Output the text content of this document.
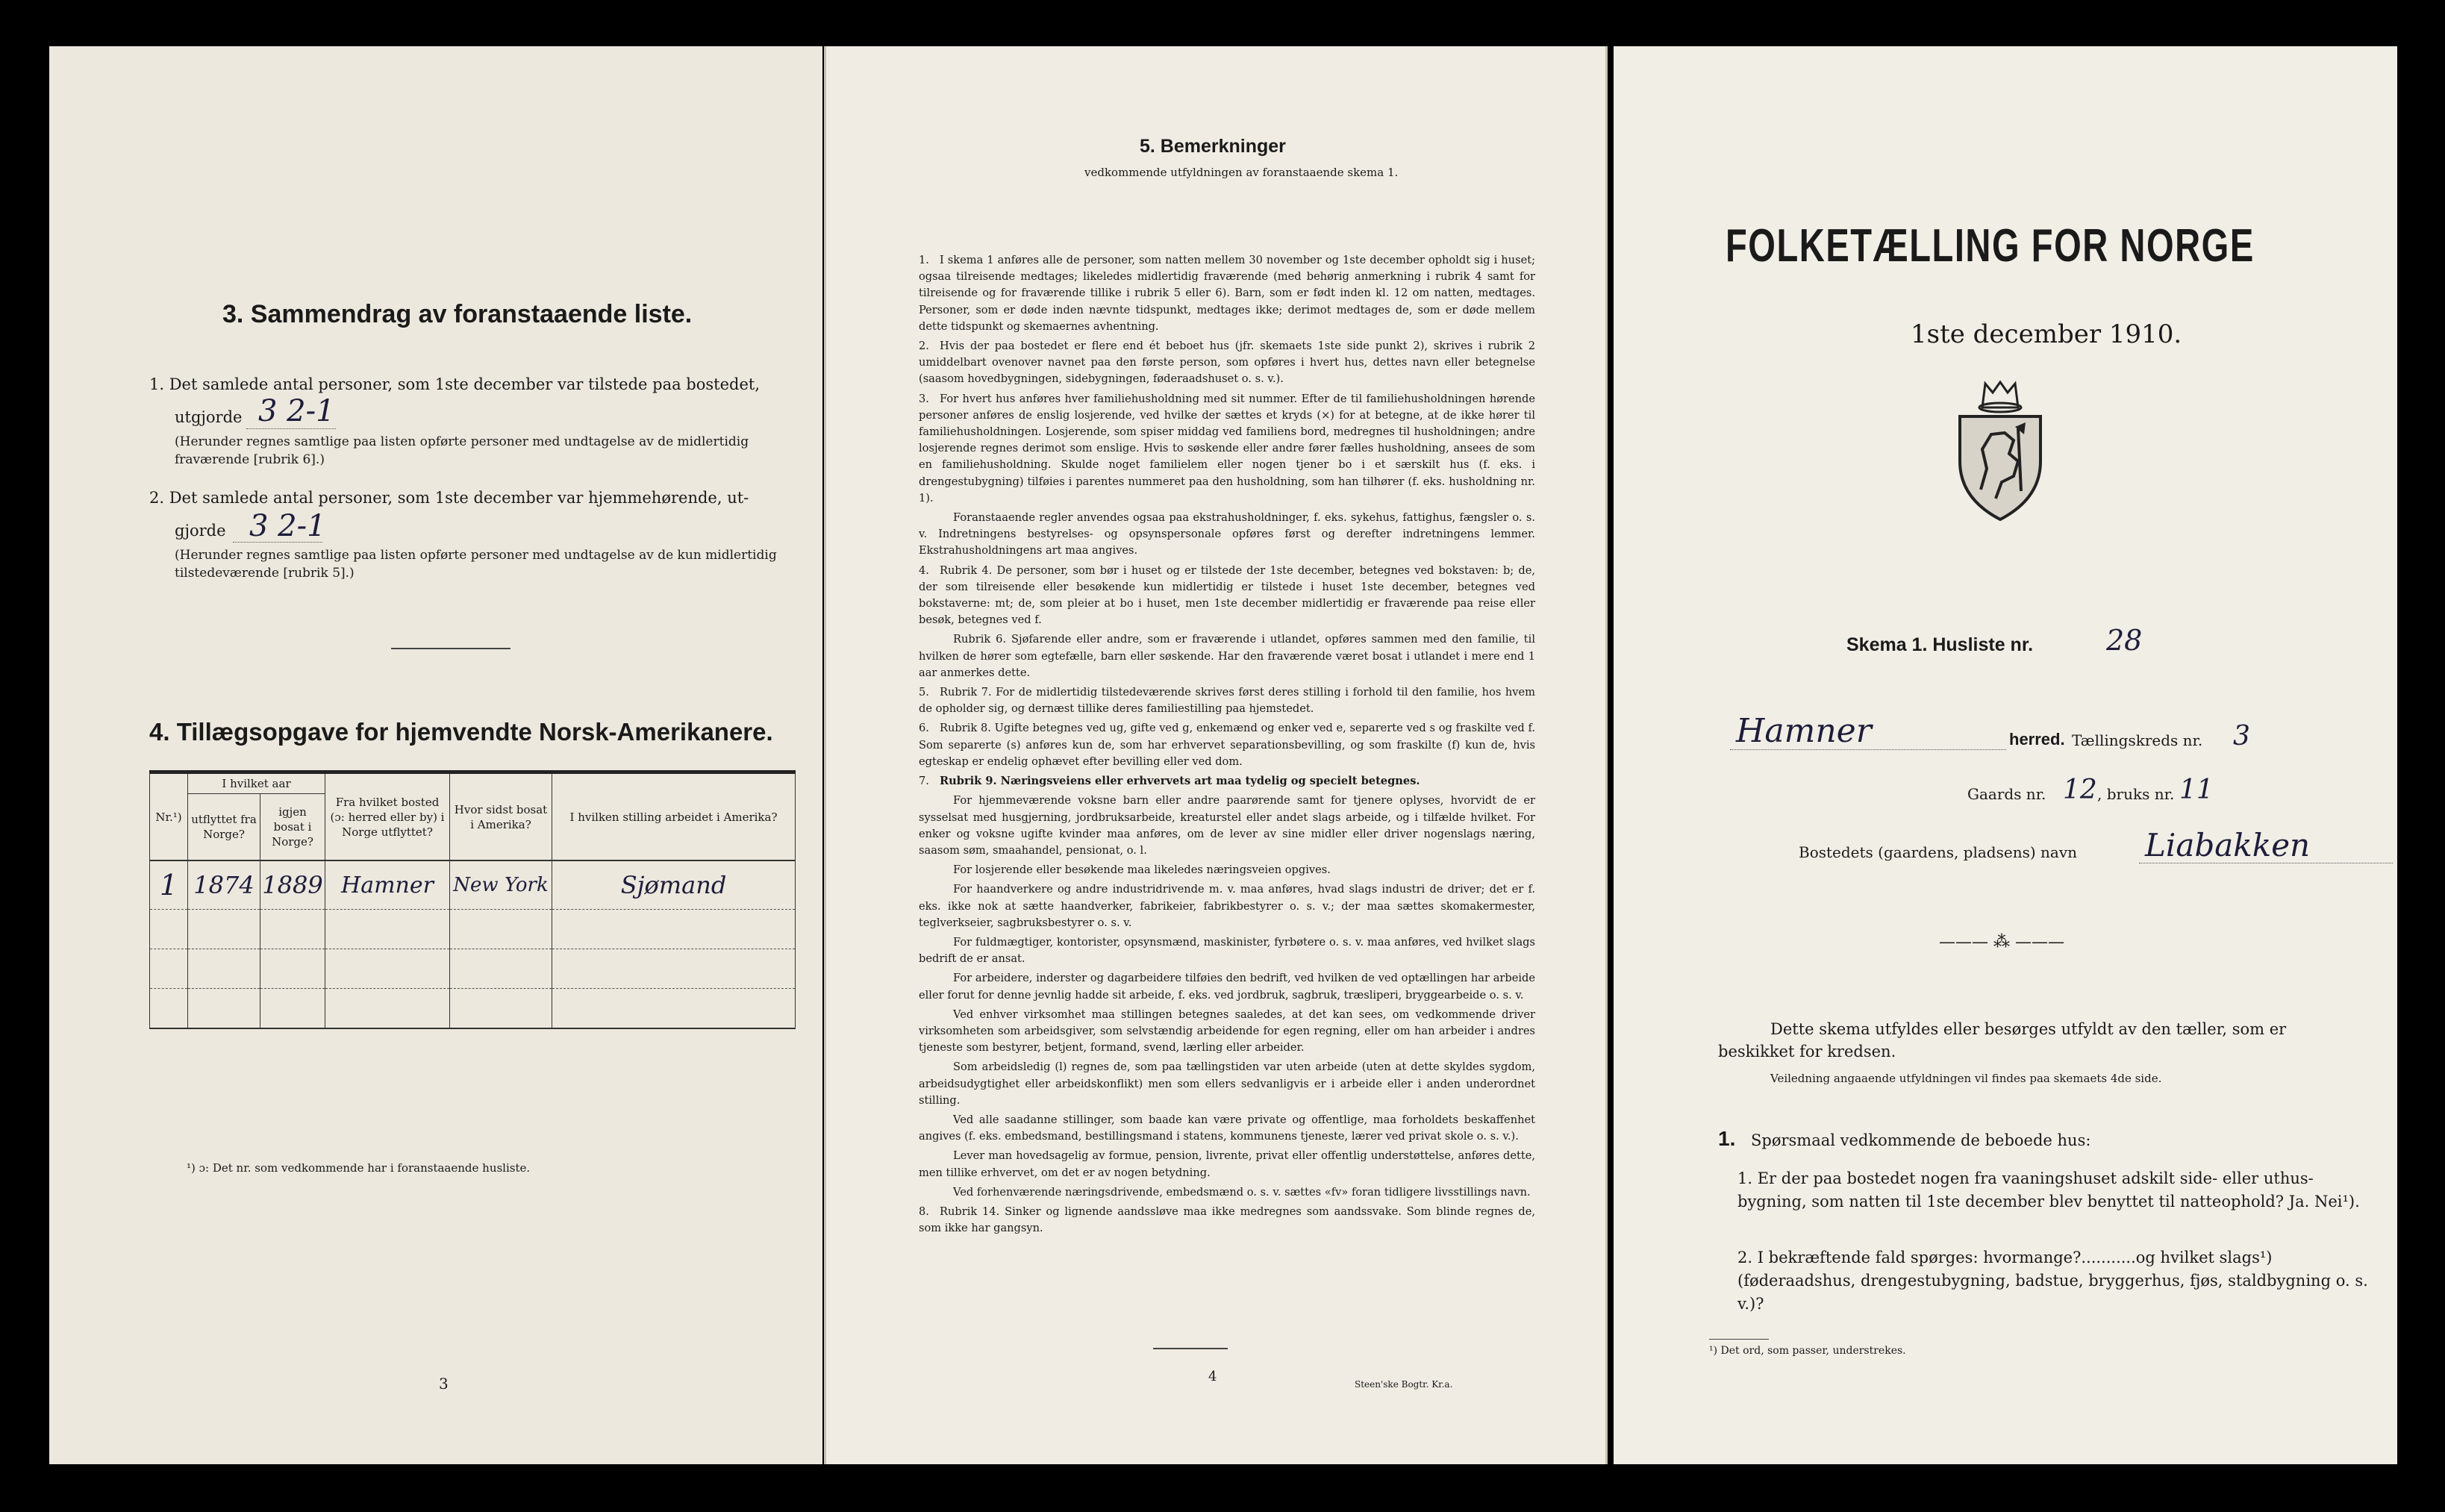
3. Sammendrag av foranstaaende liste.
1. Det samlede antal personer, som 1ste december var tilstede paa bostedet,
utgjorde 3 2-1
(Herunder regnes samtlige paa listen opførte personer med undtagelse av de midlertidig fraværende [rubrik 6].)
2. Det samlede antal personer, som 1ste december var hjemmehørende, ut-
gjorde 3 2-1
(Herunder regnes samtlige paa listen opførte personer med undtagelse av de kun midlertidig tilstedeværende [rubrik 5].)
4. Tillægsopgave for hjemvendte Norsk-Amerikanere.
Nr.¹)	I hvilket aar		Fra hvilket bosted (ɔ: herred eller by) i Norge utflyttet?	Hvor sidst bosat i Amerika?	I hvilken stilling arbeidet i Amerika?
	utflyttet fra Norge?	igjen bosat i Norge?			
1	1874	1889	Hamner	New York	Sjømand

¹) ɔ: Det nr. som vedkommende har i foranstaaende husliste.
3
5. Bemerkninger
vedkommende utfyldningen av foranstaaende skema 1.

1. I skema 1 anføres alle de personer, som natten mellem 30 november og 1ste december opholdt sig i huset; ogsaa tilreisende medtages; likeledes midlertidig fraværende (med behørig anmerkning i rubrik 4 samt for tilreisende og for fraværende tillike i rubrik 5 eller 6). Barn, som er født inden kl. 12 om natten, medtages. Personer, som er døde inden nævnte tidspunkt, medtages ikke; derimot medtages de, som er døde mellem dette tidspunkt og skemaernes avhentning.

2. Hvis der paa bostedet er flere end ét beboet hus (jfr. skemaets 1ste side punkt 2), skrives i rubrik 2 umiddelbart ovenover navnet paa den første person, som opføres i hvert hus, dettes navn eller betegnelse (saasom hovedbygningen, sidebygningen, føderaadshuset o. s. v.).

3. For hvert hus anføres hver familiehusholdning med sit nummer. Efter de til familiehusholdningen hørende personer anføres de enslig losjerende, ved hvilke der sættes et kryds (×) for at betegne, at de ikke hører til familiehusholdningen. Losjerende, som spiser middag ved familiens bord, medregnes til husholdningen; andre losjerende regnes derimot som enslige. Hvis to søskende eller andre fører fælles husholdning, ansees de som en familiehusholdning. Skulde noget familielem eller nogen tjener bo i et særskilt hus (f. eks. i drengestubygning) tilføies i parentes nummeret paa den husholdning, som han tilhører (f. eks. husholdning nr. 1).

Foranstaaende regler anvendes ogsaa paa ekstrahusholdninger, f. eks. sykehus, fattighus, fængsler o. s. v. Indretningens bestyrelses- og opsynspersonale opføres først og derefter indretningens lemmer. Ekstrahusholdningens art maa angives.

4. Rubrik 4. De personer, som bør i huset og er tilstede der 1ste december, betegnes ved bokstaven: b; de, der som tilreisende eller besøkende kun midlertidig er tilstede i huset 1ste december, betegnes ved bokstaverne: mt; de, som pleier at bo i huset, men 1ste december midlertidig er fraværende paa reise eller besøk, betegnes ved f.

Rubrik 6. Sjøfarende eller andre, som er fraværende i utlandet, opføres sammen med den familie, til hvilken de hører som egtefælle, barn eller søskende. Har den fraværende været bosat i utlandet i mere end 1 aar anmerkes dette.

5. Rubrik 7. For de midlertidig tilstedeværende skrives først deres stilling i forhold til den familie, hos hvem de opholder sig, og dernæst tillike deres familiestilling paa hjemstedet.

6. Rubrik 8. Ugifte betegnes ved ug, gifte ved g, enkemænd og enker ved e, separerte ved s og fraskilte ved f. Som separerte (s) anføres kun de, som har erhvervet separationsbevilling, og som fraskilte (f) kun de, hvis egteskap er endelig ophævet efter bevilling eller ved dom.

7. Rubrik 9. Næringsveiens eller erhvervets art maa tydelig og specielt betegnes.

For hjemmeværende voksne barn eller andre paarørende samt for tjenere oplyses, hvorvidt de er sysselsat med husgjerning, jordbruksarbeide, kreaturstel eller andet slags arbeide, og i tilfælde hvilket. For enker og voksne ugifte kvinder maa anføres, om de lever av sine midler eller driver nogenslags næring, saasom søm, smaahandel, pensionat, o. l.

For losjerende eller besøkende maa likeledes næringsveien opgives.

For haandverkere og andre industridrivende m. v. maa anføres, hvad slags industri de driver; det er f. eks. ikke nok at sætte haandverker, fabrikeier, fabrikbestyrer o. s. v.; der maa sættes skomakermester, teglverkseier, sagbruksbestyrer o. s. v.

For fuldmægtiger, kontorister, opsynsmænd, maskinister, fyrbøtere o. s. v. maa anføres, ved hvilket slags bedrift de er ansat.

For arbeidere, inderster og dagarbeidere tilføies den bedrift, ved hvilken de ved optællingen har arbeide eller forut for denne jevnlig hadde sit arbeide, f. eks. ved jordbruk, sagbruk, træsliperi, bryggearbeide o. s. v.

Ved enhver virksomhet maa stillingen betegnes saaledes, at det kan sees, om vedkommende driver virksomheten som arbeidsgiver, som selvstændig arbeidende for egen regning, eller om han arbeider i andres tjeneste som bestyrer, betjent, formand, svend, lærling eller arbeider.

Som arbeidsledig (l) regnes de, som paa tællingstiden var uten arbeide (uten at dette skyldes sygdom, arbeidsudygtighet eller arbeidskonflikt) men som ellers sedvanligvis er i arbeide eller i anden underordnet stilling.

Ved alle saadanne stillinger, som baade kan være private og offentlige, maa forholdets beskaffenhet angives (f. eks. embedsmand, bestillingsmand i statens, kommunens tjeneste, lærer ved privat skole o. s. v.).

Lever man hovedsagelig av formue, pension, livrente, privat eller offentlig understøttelse, anføres dette, men tillike erhvervet, om det er av nogen betydning.

Ved forhenværende næringsdrivende, embedsmænd o. s. v. sættes «fv» foran tidligere livsstillings navn.

8. Rubrik 14. Sinker og lignende aandssløve maa ikke medregnes som aandssvake. Som blinde regnes de, som ikke har gangsyn.

4	Steen'ske Bogtr. Kr.a.
FOLKETÆLLING FOR NORGE
1ste december 1910.
Skema 1. Husliste nr.	28
Hamner	herred. Tællingskreds nr. 3
Gaards nr. 12 , bruks nr. 11
Bostedets (gaardens, pladsens) navn Liabakken
——— ⁂ ———
Dette skema utfyldes eller besørges utfyldt av den tæller, som er beskikket for kredsen.
Veiledning angaaende utfyldningen vil findes paa skemaets 4de side.
1. Spørsmaal vedkommende de beboede hus:
1. Er der paa bostedet nogen fra vaaningshuset adskilt side- eller uthus-bygning, som natten til 1ste december blev benyttet til natteophold? Ja. Nei¹).
2. I bekræftende fald spørges: hvormange?...........og hvilket slags¹) (føderaadshus, drengestubygning, badstue, bryggerhus, fjøs, staldbygning o. s. v.)?
¹) Det ord, som passer, understrekes.
